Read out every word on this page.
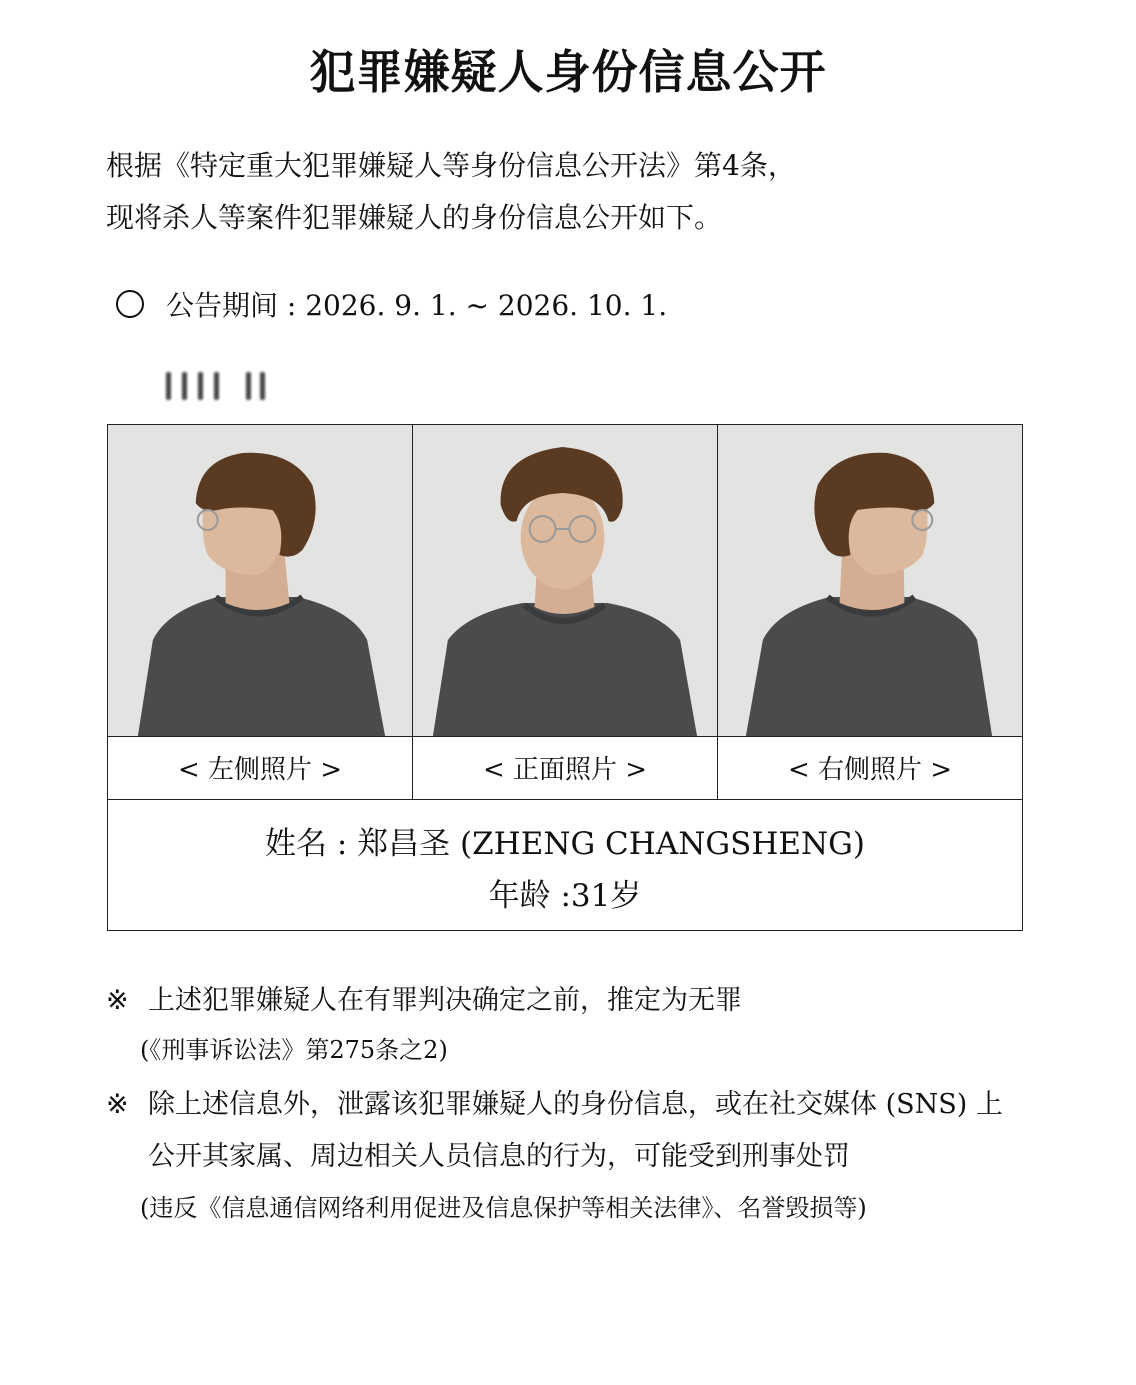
犯罪嫌疑人身份信息公开
根据《特定重大犯罪嫌疑人等身份信息公开法》第4条，
现将杀人等案件犯罪嫌疑人的身份信息公开如下。
公告期间 : 2026. 9. 1. ~ 2026. 10. 1.
< 左侧照片 >	< 正面照片 >	< 右侧照片 >
姓名 : 郑昌圣 (ZHENG CHANGSHENG)
年龄 :31岁
※ 上述犯罪嫌疑人在有罪判决确定之前，推定为无罪
(《刑事诉讼法》第275条之2)
※ 除上述信息外，泄露该犯罪嫌疑人的身份信息，或在社交媒体 (SNS) 上
公开其家属、周边相关人员信息的行为，可能受到刑事处罚
(违反《信息通信网络利用促进及信息保护等相关法律》、名誉毁损等)
